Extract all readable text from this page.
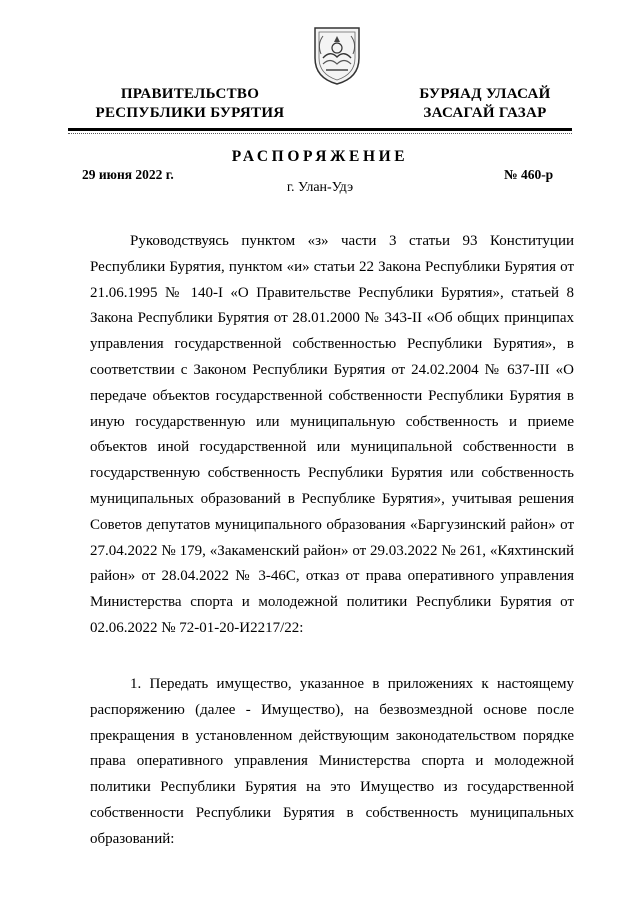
ПРАВИТЕЛЬСТВО
РЕСПУБЛИКИ БУРЯТИЯ
БУРЯАД УЛАСАЙ
ЗАСАГАЙ ГАЗАР
РАСПОРЯЖЕНИЕ
29 июня 2022 г.	№ 460-р
г. Улан-Удэ

Руководствуясь пунктом «з» части 3 статьи 93 Конституции Республики Бурятия, пунктом «и» статьи 22 Закона Республики Бурятия от 21.06.1995 № 140-I «О Правительстве Республики Бурятия», статьей 8 Закона Республики Бурятия от 28.01.2000 № 343-II «Об общих принципах управления государственной собственностью Республики Бурятия», в соответствии с Законом Республики Бурятия от 24.02.2004 № 637-III «О передаче объектов государственной собственности Республики Бурятия в иную государственную или муниципальную собственность и приеме объектов иной государственной или муниципальной собственности в государственную собственность Республики Бурятия или собственность муниципальных образований в Республике Бурятия», учитывая решения Советов депутатов муниципального образования «Баргузинский район» от 27.04.2022 № 179, «Закаменский район» от 29.03.2022 № 261, «Кяхтинский район» от 28.04.2022 № 3-46С, отказ от права оперативного управления Министерства спорта и молодежной политики Республики Бурятия от 02.06.2022 № 72-01-20-И2217/22:

1. Передать имущество, указанное в приложениях к настоящему распоряжению (далее - Имущество), на безвозмездной основе после прекращения в установленном действующим законодательством порядке права оперативного управления Министерства спорта и молодежной политики Республики Бурятия на это Имущество из государственной собственности Республики Бурятия в собственность муниципальных образований:
